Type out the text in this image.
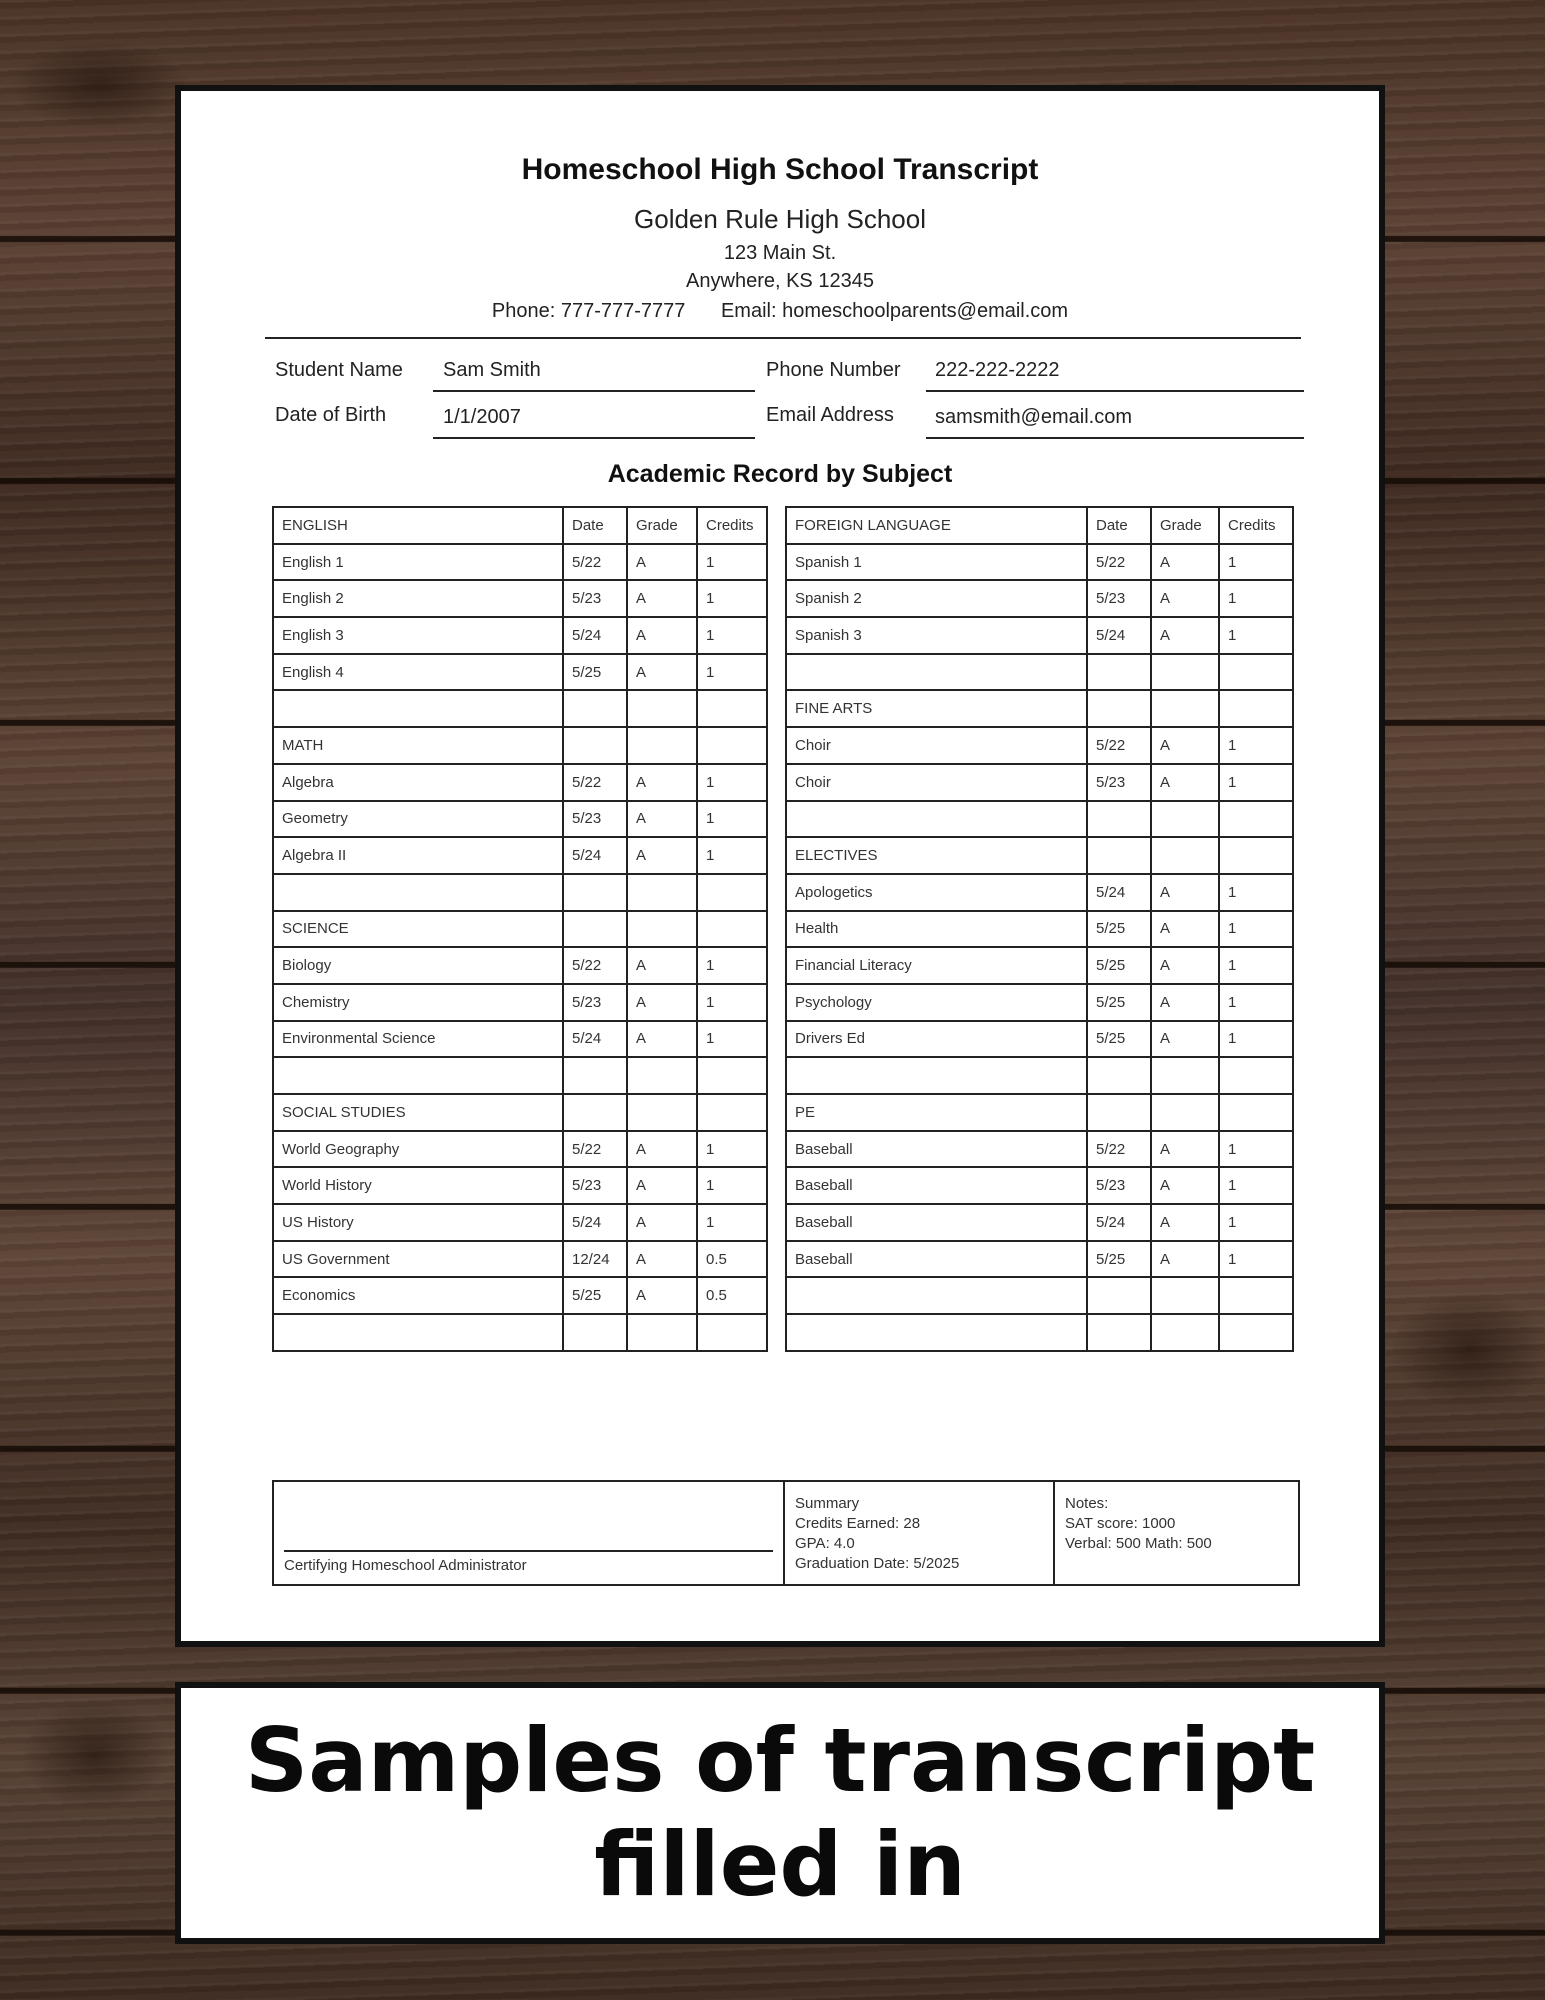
Homeschool High School Transcript
Golden Rule High School
123 Main St.
Anywhere, KS 12345
Phone: 777-777-7777 Email: homeschoolparents@email.com
Student Name Sam Smith	Phone Number 222-222-2222
Date of Birth	1/1/2007	Email Address samsmith@email.com
Academic Record by Subject
ENGLISH	Date	Grade	Credits
English 1	5/22	A	1
English 2	5/23	A	1
English 3	5/24	A	1
English 4	5/25	A	1

MATH			
Algebra	5/22	A	1
Geometry	5/23	A	1
Algebra II	5/24	A	1

SCIENCE			
Biology	5/22	A	1
Chemistry	5/23	A	1
Environmental Science	5/24	A	1

SOCIAL STUDIES			
World Geography	5/22	A	1
World History	5/23	A	1
US History	5/24	A	1
US Government	12/24	A	0.5
Economics	5/25	A	0.5

FOREIGN LANGUAGE	Date	Grade	Credits
Spanish 1	5/22	A	1
Spanish 2	5/23	A	1
Spanish 3	5/24	A	1

FINE ARTS			
Choir	5/22	A	1
Choir	5/23	A	1

ELECTIVES			
Apologetics	5/24	A	1
Health	5/25	A	1
Financial Literacy	5/25	A	1
Psychology	5/25	A	1
Drivers Ed	5/25	A	1

PE			
Baseball	5/22	A	1
Baseball	5/23	A	1
Baseball	5/24	A	1
Baseball	5/25	A	1

Certifying Homeschool Administrator

Summary
Credits Earned: 28
GPA: 4.0
Graduation Date: 5/2025

Notes:
SAT score: 1000
Verbal: 500 Math: 500
Samples of transcript
filled in
